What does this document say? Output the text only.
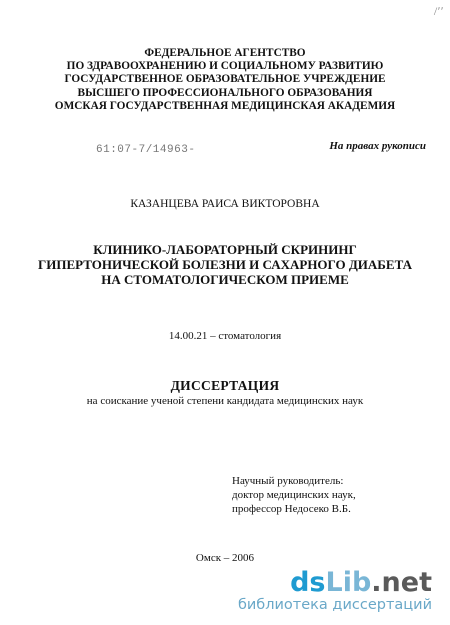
/ʹʹ
ФЕДЕРАЛЬНОЕ АГЕНТСТВО
ПО ЗДРАВООХРАНЕНИЮ И СОЦИАЛЬНОМУ РАЗВИТИЮ
ГОСУДАРСТВЕННОЕ ОБРАЗОВАТЕЛЬНОЕ УЧРЕЖДЕНИЕ
ВЫСШЕГО ПРОФЕССИОНАЛЬНОГО ОБРАЗОВАНИЯ
ОМСКАЯ ГОСУДАРСТВЕННАЯ МЕДИЦИНСКАЯ АКАДЕМИЯ
61:07-7/14963-	На правах рукописи
КАЗАНЦЕВА РАИСА ВИКТОРОВНА
КЛИНИКО-ЛАБОРАТОРНЫЙ СКРИНИНГ
ГИПЕРТОНИЧЕСКОЙ БОЛЕЗНИ И САХАРНОГО ДИАБЕТА
НА СТОМАТОЛОГИЧЕСКОМ ПРИЕМЕ
14.00.21 – стоматология
ДИССЕРТАЦИЯ
на соискание ученой степени кандидата медицинских наук
Научный руководитель:
доктор медицинских наук,
профессор Недосеко В.Б.
Омск – 2006
dsLib.net
библиотека диссертаций
